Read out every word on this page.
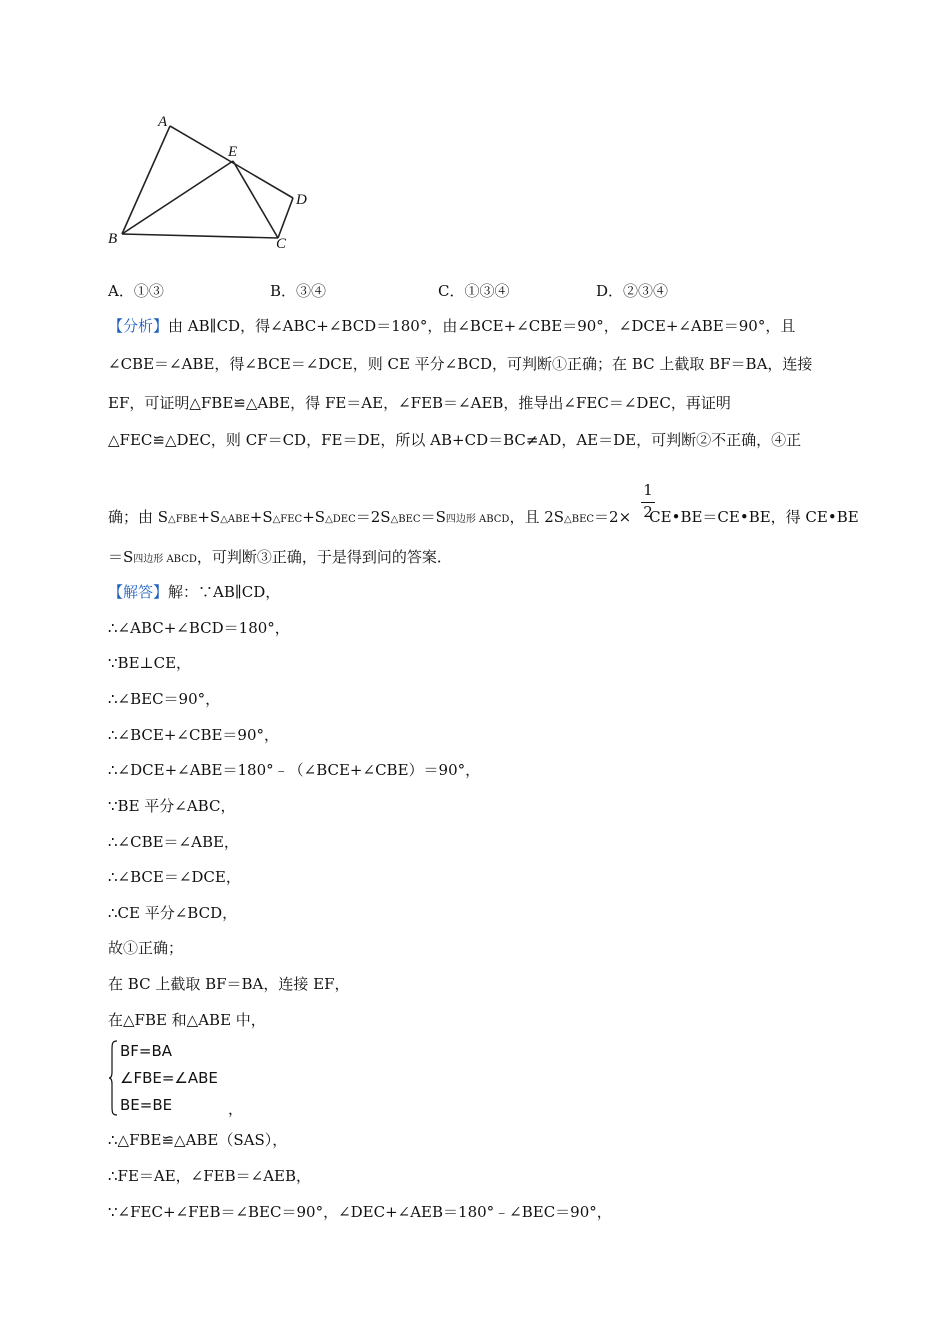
A
B	C
D
E
A．①③	B．③④	C．①③④	D．②③④
【分析】由 AB∥CD，得∠ABC+∠BCD＝180°，由∠BCE+∠CBE＝90°，∠DCE+∠ABE＝90°，且
∠CBE＝∠ABE，得∠BCE＝∠DCE，则 CE 平分∠BCD，可判断①正确；在 BC 上截取 BF＝BA，连接
EF，可证明△FBE≌△ABE，得 FE＝AE，∠FEB＝∠AEB，推导出∠FEC＝∠DEC，再证明
△FEC≌△DEC，则 CF＝CD，FE＝DE，所以 AB+CD＝BC≠AD，AE＝DE，可判断②不正确，④正
1
2
确；由 S△FBE+S△ABE+S△FEC+S△DEC＝2S△BEC＝S四边形 ABCD，且 2S△BEC＝2× CE•BE＝CE•BE，得 CE•BE
＝S四边形 ABCD，可判断③正确，于是得到问的答案．
【解答】解：∵AB∥CD，
∴∠ABC+∠BCD＝180°，
∵BE⊥CE，
∴∠BEC＝90°，
∴∠BCE+∠CBE＝90°，
∴∠DCE+∠ABE＝180°﹣（∠BCE+∠CBE）＝90°，
∵BE 平分∠ABC，
∴∠CBE＝∠ABE，
∴∠BCE＝∠DCE，
∴CE 平分∠BCD，
故①正确；
在 BC 上截取 BF＝BA，连接 EF，
在△FBE 和△ABE 中，
BF=BA
∠FBE=∠ABE
BE=BE	，
∴△FBE≌△ABE（SAS），
∴FE＝AE，∠FEB＝∠AEB，
∵∠FEC+∠FEB＝∠BEC＝90°，∠DEC+∠AEB＝180°﹣∠BEC＝90°，
